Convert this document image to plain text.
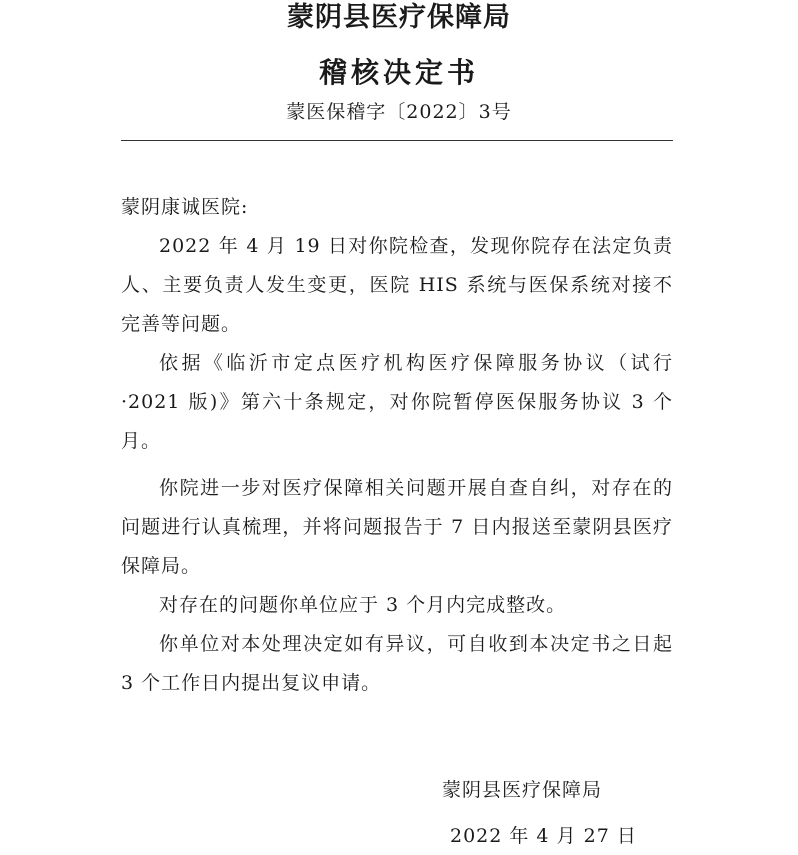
蒙阴县医疗保障局
稽核决定书
蒙医保稽字〔2022〕3号

蒙阴康诚医院:

2022 年 4 月 19 日对你院检查，发现你院存在法定负责人、主要负责人发生变更，医院 HIS 系统与医保系统对接不完善等问题。

依据《临沂市定点医疗机构医疗保障服务协议（试行·2021 版)》第六十条规定，对你院暂停医保服务协议 3 个月。

你院进一步对医疗保障相关问题开展自查自纠，对存在的问题进行认真梳理，并将问题报告于 7 日内报送至蒙阴县医疗保障局。

对存在的问题你单位应于 3 个月内完成整改。

你单位对本处理决定如有异议，可自收到本决定书之日起 3 个工作日内提出复议申请。

蒙阴县医疗保障局
2022 年 4 月 27 日
